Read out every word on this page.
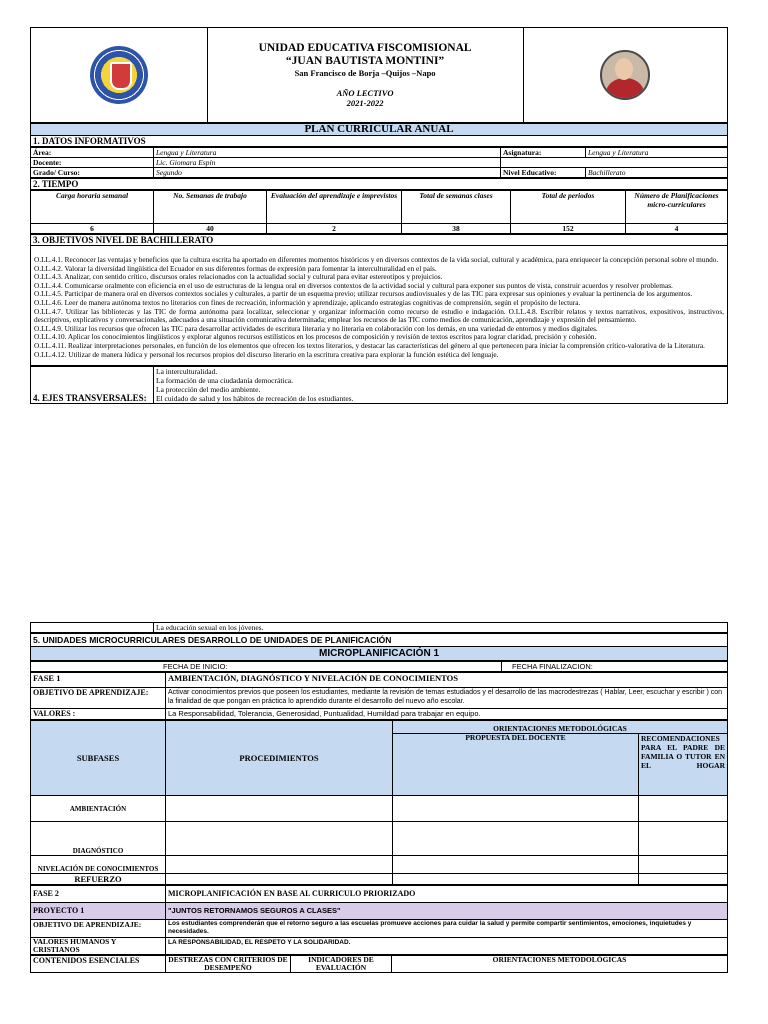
UNIDAD EDUCATIVA FISCOMISIONAL
“JUAN BAUTISTA MONTINI”
San Francisco de Borja –Quijos –Napo
AÑO LECTIVO
2021-2022

PLAN CURRICULAR ANUAL
1. DATOS INFORMATIVOS
Área:	Lengua y Literatura	Asignatura:	Lengua y Literatura
Docente:	Lic. Giomara Espín		
Grado/ Curso:	Segundo	Nivel Educativo:	Bachillerato
2. TIEMPO
Carga horaria semanal	No. Semanas de trabajo	Evaluación del aprendizaje e imprevistos	Total de semanas clases	Total de periodos	Número de Planificaciones micro-curriculares
6	40	2	38	152	4
3. OBJETIVOS NIVEL DE BACHILLERATO

O.LL.4.1. Reconocer las ventajas y beneficios que la cultura escrita ha aportado en diferentes momentos históricos y en diversos contextos de la vida social, cultural y académica, para enriquecer la concepción personal sobre el mundo.

O.LL.4.2. Valorar la diversidad lingüística del Ecuador en sus diferentes formas de expresión para fomentar la interculturalidad en el país.

O.LL.4.3. Analizar, con sentido crítico, discursos orales relacionados con la actualidad social y cultural para evitar estereotipos y prejuicios.

O.LL.4.4. Comunicarse oralmente con eficiencia en el uso de estructuras de la lengua oral en diversos contextos de la actividad social y cultural para exponer sus puntos de vista, construir acuerdos y resolver problemas.

O.LL.4.5. Participar de manera oral en diversos contextos sociales y culturales, a partir de un esquema previo; utilizar recursos audiovisuales y de las TIC para expresar sus opiniones y evaluar la pertinencia de los argumentos.

O.LL.4.6. Leer de manera autónoma textos no literarios con fines de recreación, información y aprendizaje, aplicando estrategias cognitivas de comprensión, según el propósito de lectura.

O.LL.4.7. Utilizar las bibliotecas y las TIC de forma autónoma para localizar, seleccionar y organizar información como recurso de estudio e indagación. O.LL.4.8. Escribir relatos y textos narrativos, expositivos, instructivos, descriptivos, explicativos y conversacionales, adecuados a una situación comunicativa determinada; emplear los recursos de las TIC como medios de comunicación, aprendizaje y expresión del pensamiento.

O.LL.4.9. Utilizar los recursos que ofrecen las TIC para desarrollar actividades de escritura literaria y no literaria en colaboración con los demás, en una variedad de entornos y medios digitales.

O.LL.4.10. Aplicar los conocimientos lingüísticos y explorar algunos recursos estilísticos en los procesos de composición y revisión de textos escritos para lograr claridad, precisión y cohesión.

O.LL.4.11. Realizar interpretaciones personales, en función de los elementos que ofrecen los textos literarios, y destacar las características del género al que pertenecen para iniciar la comprensión crítico-valorativa de la Literatura.

O.LL.4.12. Utilizar de manera lúdica y personal los recursos propios del discurso literario en la escritura creativa para explorar la función estética del lenguaje.

4. EJES TRANSVERSALES:	
La interculturalidad.
La formación de una ciudadanía democrática.
La protección del medio ambiente.
El cuidado de salud y los hábitos de recreación de los estudiantes.
	La educación sexual en los jóvenes.
5. UNIDADES MICROCURRICULARES DESARROLLO DE UNIDADES DE PLANIFICACIÓN
MICROPLANIFICACIÓN 1
	FECHA DE INICIO:	FECHA FINALIZACION:
FASE 1	AMBIENTACIÓN, DIAGNÓSTICO Y NIVELACIÓN DE CONOCIMIENTOS
OBJETIVO DE APRENDIZAJE:	Activar conocimientos previos que poseen los estudiantes, mediante la revisión de temas estudiados y el desarrollo de las macrodestrezas ( Hablar, Leer, escuchar y escribir ) con la finalidad de que pongan en práctica lo aprendido durante el desarrollo del nuevo año escolar.
VALORES :	La Responsabilidad, Tolerancia, Generosidad, Puntualidad, Humildad para trabajar en equipo.
SUBFASES	PROCEDIMIENTOS	ORIENTACIONES METODOLÓGICAS	
		PROPUESTA DEL DOCENTE	RECOMENDACIONES PARA EL PADRE DE FAMILIA O TUTOR EN EL HOGAR
AMBIENTACIÓN			
DIAGNÓSTICO			
NIVELACIÓN DE CONOCIMIENTOS			
REFUERZO			
FASE 2	MICROPLANIFICACIÓN EN BASE AL CURRICULO PRIORIZADO
PROYECTO 1	"JUNTOS RETORNAMOS SEGUROS A CLASES"
OBJETIVO DE APRENDIZAJE:	Los estudiantes comprenderán que el retorno seguro a las escuelas promueve acciones para cuidar la salud y permite compartir sentimientos, emociones, inquietudes y necesidades.
VALORES HUMANOS Y CRISTIANOS	LA RESPONSABILIDAD, EL RESPETO Y LA SOLIDARIDAD.
CONTENIDOS ESENCIALES	DESTREZAS CON CRITERIOS DE DESEMPEÑO	INDICADORES DE EVALUACIÓN	ORIENTACIONES METODOLÓGICAS
